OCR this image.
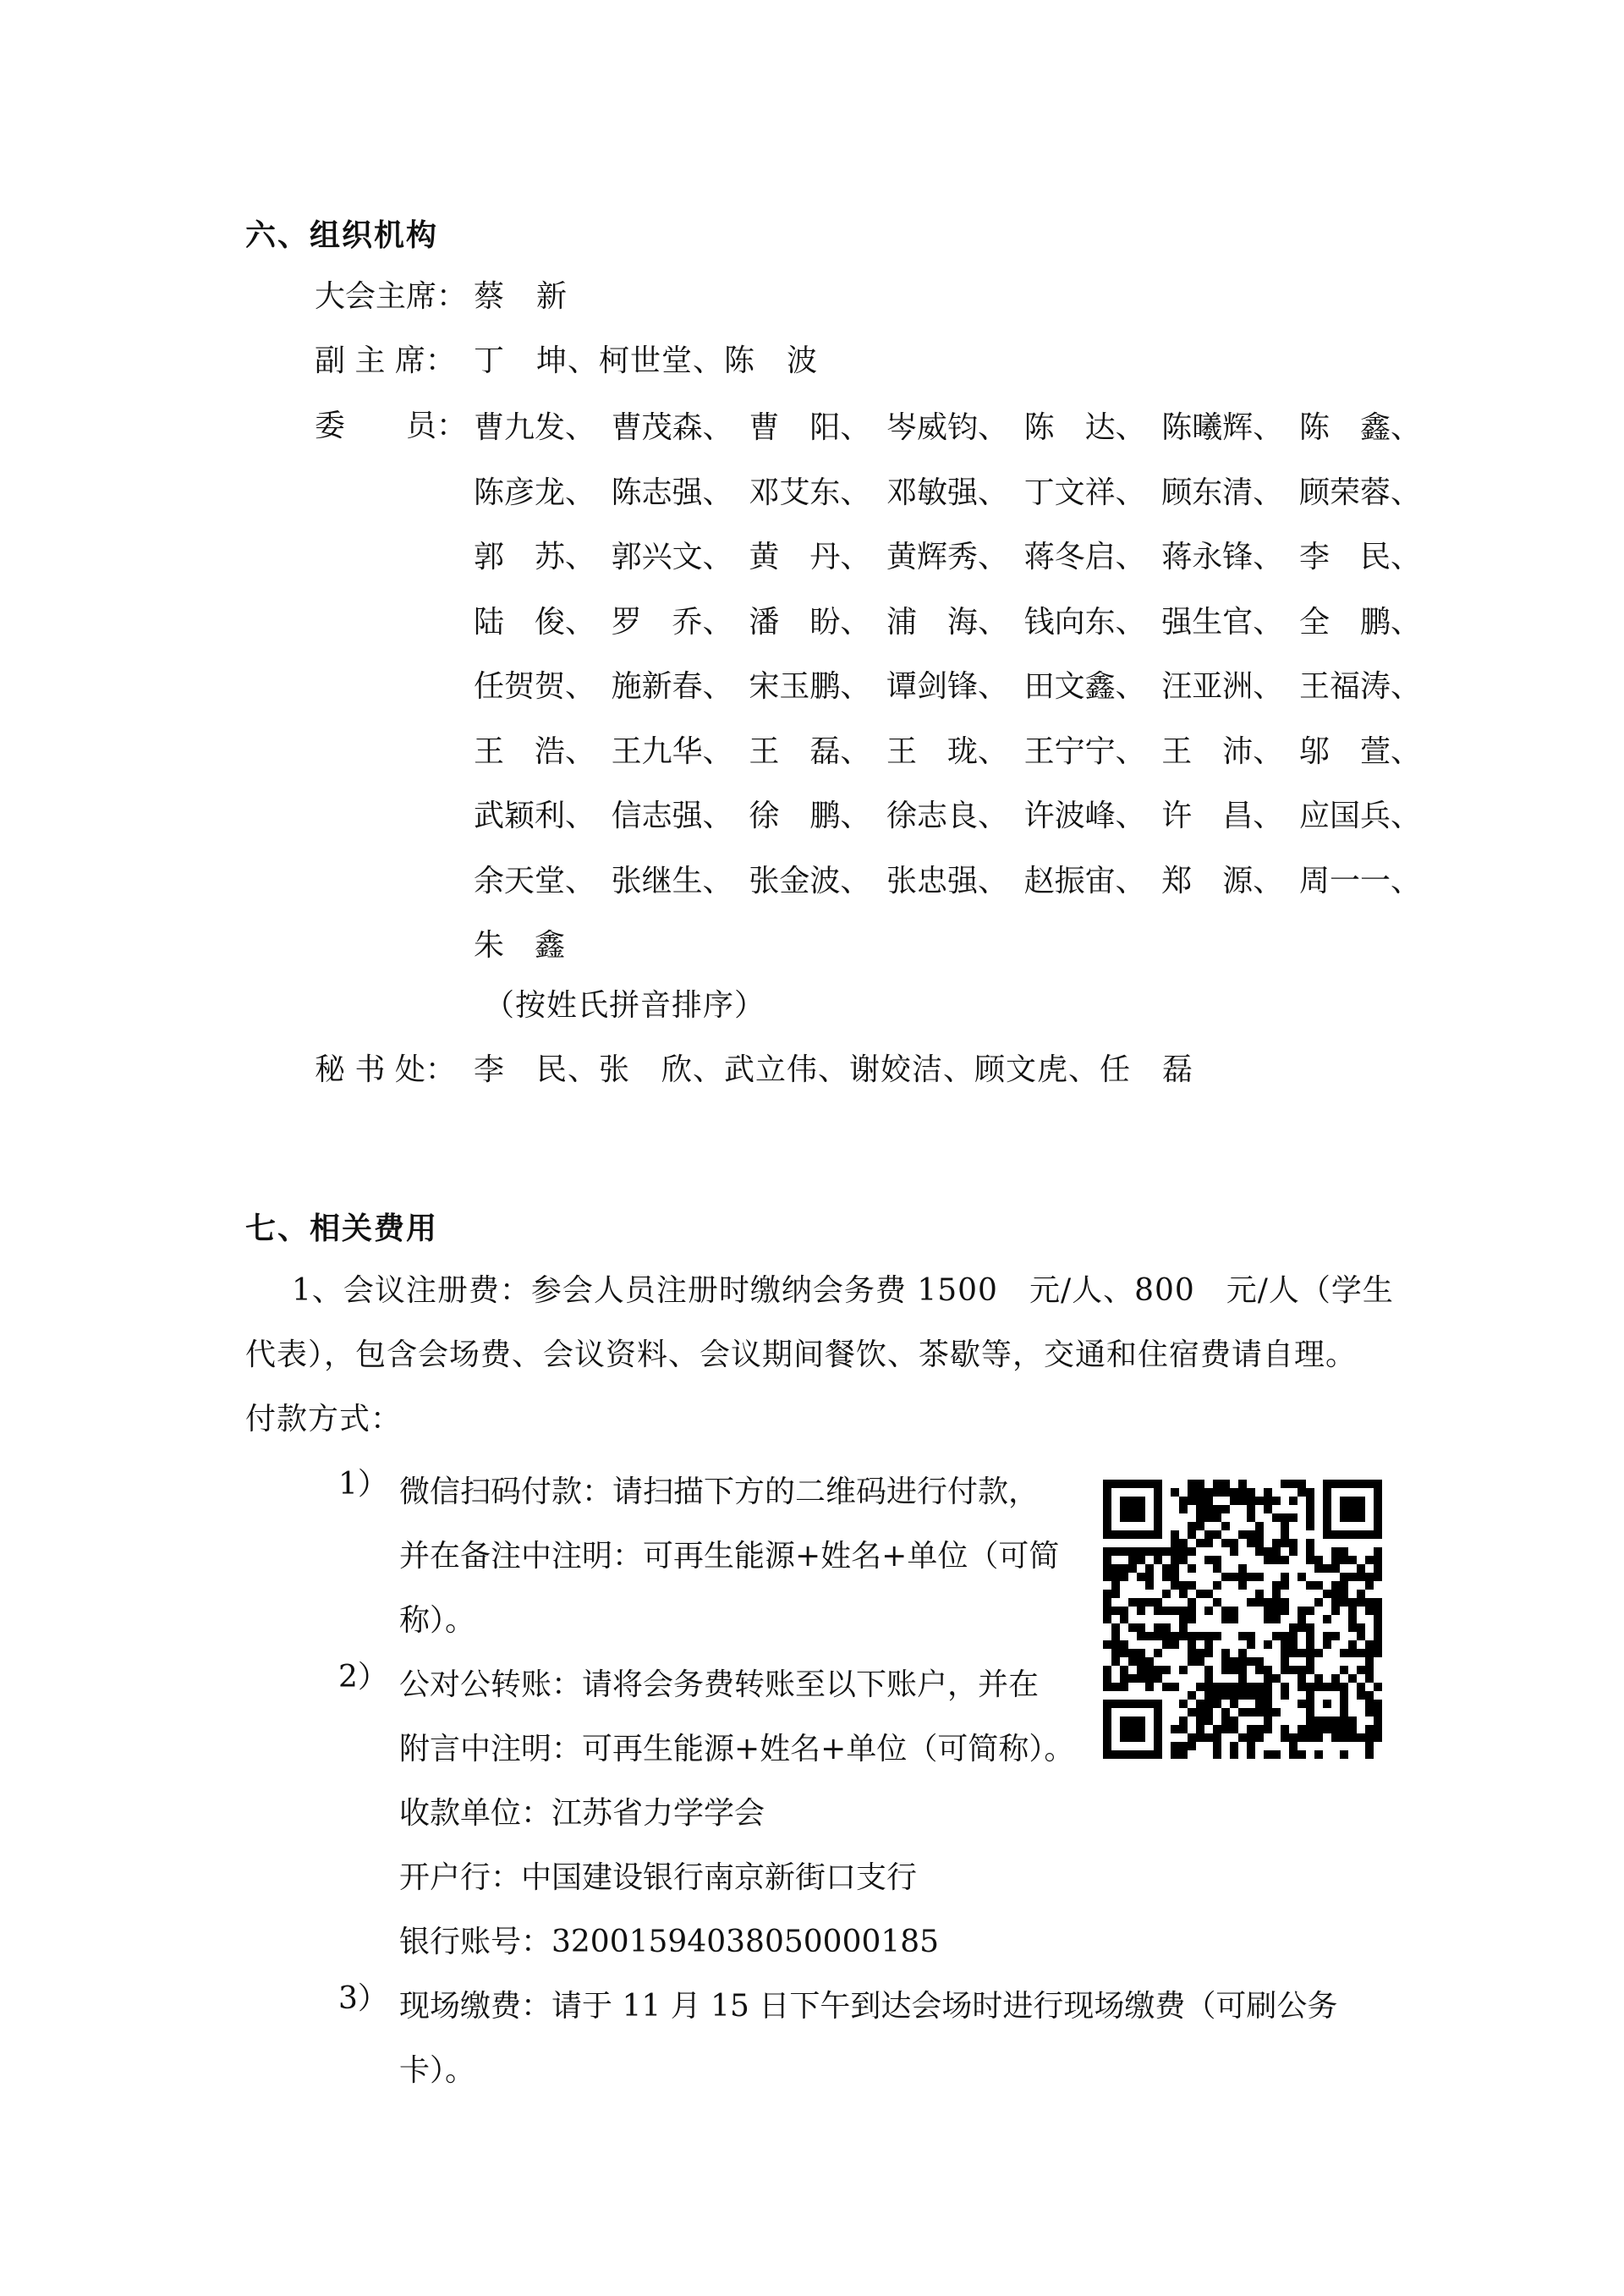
六、组织机构
大会主席： 蔡　新
副 主 席： 丁　坤、柯世堂、陈　波
委　　员： 曹九发、 曹茂森、 曹　阳、 岑威钧、 陈　达、 陈曦辉、 陈　鑫、
陈彦龙、 陈志强、 邓艾东、 邓敏强、 丁文祥、 顾东清、 顾荣蓉、
郭　苏、 郭兴文、 黄　丹、 黄辉秀、 蒋冬启、 蒋永锋、 李　民、
陆　俊、 罗　乔、 潘　盼、 浦　海、 钱向东、 强生官、 全　鹏、
任贺贺、 施新春、 宋玉鹏、 谭剑锋、 田文鑫、 汪亚洲、 王福涛、
王　浩、 王九华、 王　磊、 王　珑、 王宁宁、 王　沛、 邬　萱、
武颖利、 信志强、 徐　鹏、 徐志良、 许波峰、 许　昌、 应国兵、
余天堂、 张继生、 张金波、 张忠强、 赵振宙、 郑　源、 周一一、
朱　鑫
（按姓氏拼音排序）
秘 书 处： 李　民、张　欣、武立伟、谢姣洁、顾文虎、任　磊
七、相关费用
1、会议注册费：参会人员注册时缴纳会务费 1500　元/人、800　元/人（学生
代表），包含会场费、会议资料、会议期间餐饮、茶歇等，交通和住宿费请自理。
付款方式：
1） 微信扫码付款：请扫描下方的二维码进行付款，
并在备注中注明：可再生能源+姓名+单位（可简
称）。
2） 公对公转账：请将会务费转账至以下账户，并在
附言中注明：可再生能源+姓名+单位（可简称）。
收款单位：江苏省力学学会
开户行：中国建设银行南京新街口支行
银行账号：32001594038050000185
3） 现场缴费：请于 11 月 15 日下午到达会场时进行现场缴费（可刷公务
卡）。
